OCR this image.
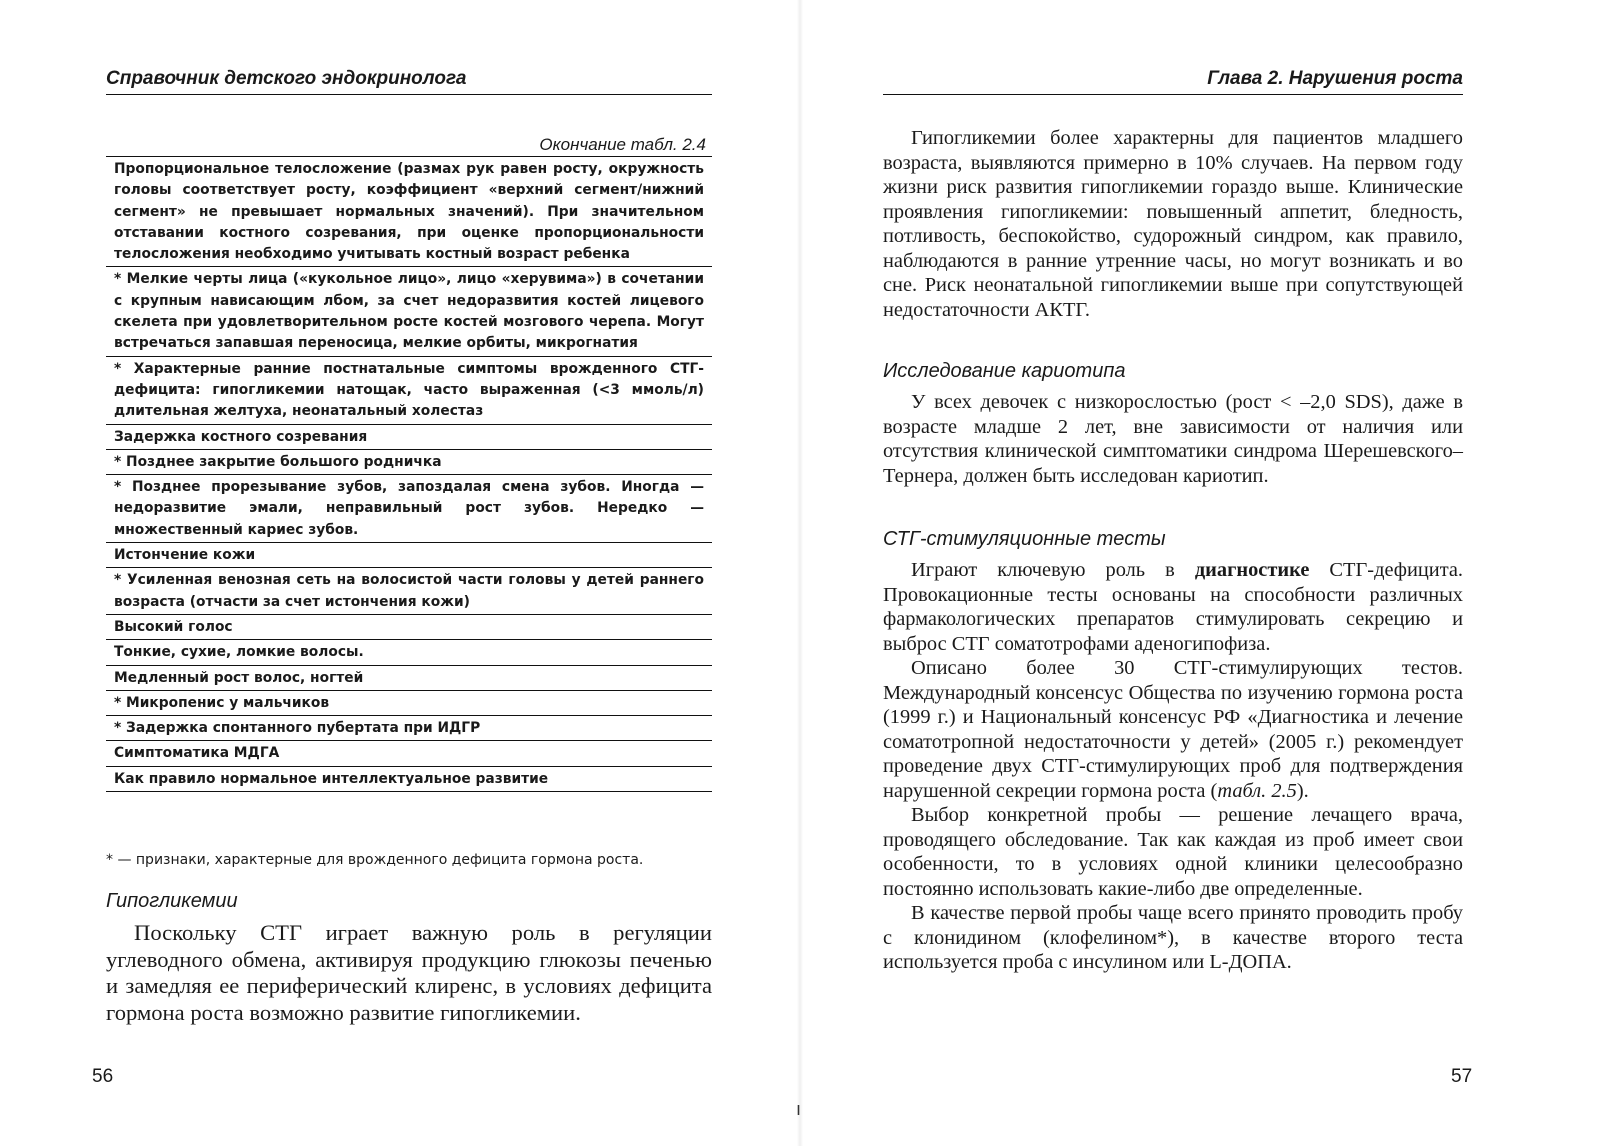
Справочник детского эндокринолога
Окончание табл. 2.4
Пропорциональное телосложение (размах рук равен росту, окружность головы соответствует росту, коэффициент «верхний сегмент/нижний сегмент» не превышает нормальных значений). При значительном отставании костного созревания, при оценке пропорциональности телосложения необходимо учитывать костный возраст ребенка
* Мелкие черты лица («кукольное лицо», лицо «херувима») в сочетании с крупным нависающим лбом, за счет недоразвития костей лицевого скелета при удовлетворительном росте костей мозгового черепа. Могут встречаться запавшая переносица, мелкие орбиты, микрогнатия
* Характерные ранние постнатальные симптомы врожденного СТГ-дефицита: гипогликемии натощак, часто выраженная (<3 ммоль/л) длительная желтуха, неонатальный холестаз
Задержка костного созревания
* Позднее закрытие большого родничка
* Позднее прорезывание зубов, запоздалая смена зубов. Иногда — недоразвитие эмали, неправильный рост зубов. Нередко — множественный кариес зубов.
Истончение кожи
* Усиленная венозная сеть на волосистой части головы у детей раннего возраста (отчасти за счет истончения кожи)
Высокий голос
Тонкие, сухие, ломкие волосы.
Медленный рост волос, ногтей
* Микропенис у мальчиков
* Задержка спонтанного пубертата при ИДГР
Симптоматика МДГА
Как правило нормальное интеллектуальное развитие
* — признаки, характерные для врожденного дефицита гормона роста.
Гипогликемии

Поскольку СТГ играет важную роль в регуляции углеводного обмена, активируя продукцию глюкозы печенью и замедляя ее периферический клиренс, в условиях дефицита гормона роста возможно развитие гипогликемии.

56
ı
Глава 2. Нарушения роста

Гипогликемии более характерны для пациентов младшего возраста, выявляются примерно в 10% случаев. На первом году жизни риск развития гипогликемии гораздо выше. Клинические проявления гипогликемии: повышенный аппетит, бледность, потливость, беспокойство, судорожный синдром, как правило, наблюдаются в ранние утренние часы, но могут возникать и во сне. Риск неонатальной гипогликемии выше при сопутствующей недостаточности АКТГ.

Исследование кариотипа

У всех девочек с низкорослостью (рост < –2,0 SDS), даже в возрасте младше 2 лет, вне зависимости от наличия или отсутствия клинической симптоматики синдрома Шерешевского–Тернера, должен быть исследован кариотип.

СТГ-стимуляционные тесты

Играют ключевую роль в диагностике СТГ-дефицита. Провокационные тесты основаны на способности различных фармакологических препаратов стимулировать секрецию и выброс СТГ соматотрофами аденогипофиза.

Описано более 30 СТГ-стимулирующих тестов. Международный консенсус Общества по изучению гормона роста (1999 г.) и Национальный консенсус РФ «Диагностика и лечение соматотропной недостаточности у детей» (2005 г.) рекомендует проведение двух СТГ-стимулирующих проб для подтверждения нарушенной секреции гормона роста (табл. 2.5).

Выбор конкретной пробы — решение лечащего врача, проводящего обследование. Так как каждая из проб имеет свои особенности, то в условиях одной клиники целесообразно постоянно использовать какие-либо две определенные.

В качестве первой пробы чаще всего принято проводить пробу с клонидином (клофелином*), в качестве второго теста используется проба с инсулином или L-ДОПА.

57
